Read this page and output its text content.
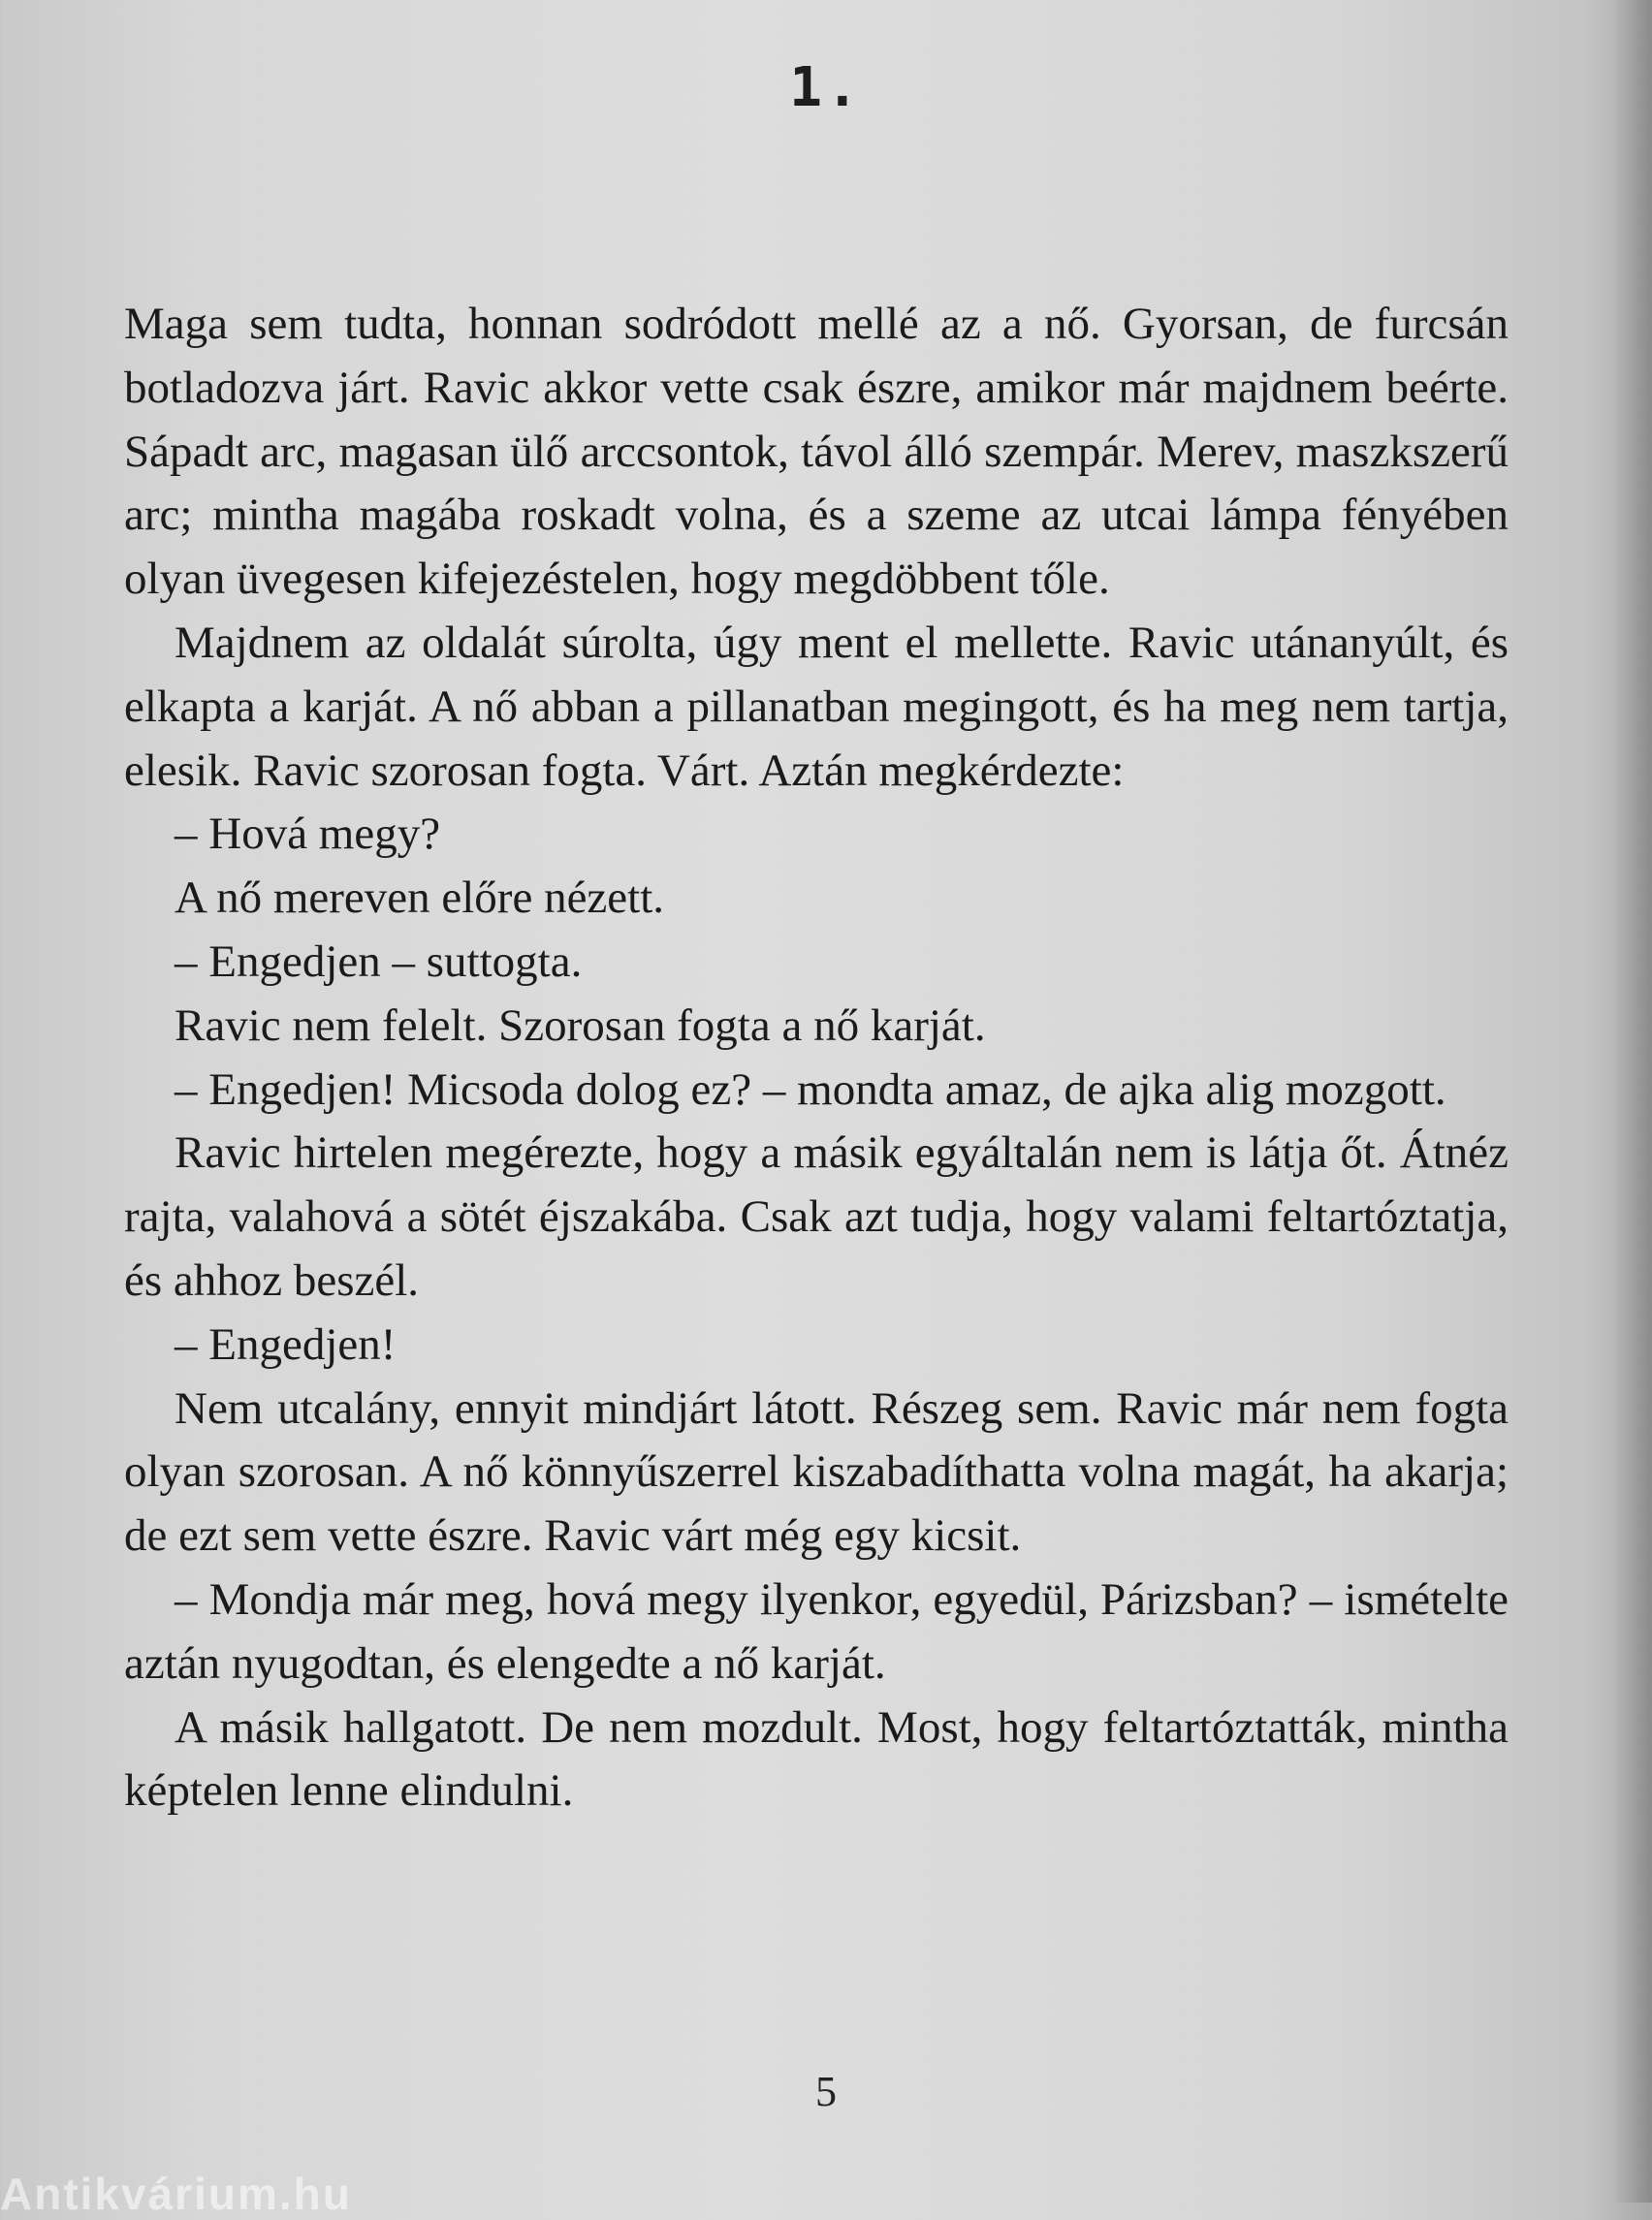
1.

Maga sem tudta, honnan sodródott mellé az a nő. Gyorsan, de furcsán botladozva járt. Ravic akkor vette csak észre, amikor már majdnem beérte. Sápadt arc, magasan ülő arccsontok, távol álló szempár. Merev, maszkszerű arc; mintha magába roskadt volna, és a szeme az utcai lámpa fényében olyan üvegesen kifejezéstelen, hogy megdöbbent tőle.

Majdnem az oldalát súrolta, úgy ment el mellette. Ravic utánanyúlt, és elkapta a karját. A nő abban a pillanatban megingott, és ha meg nem tartja, elesik. Ravic szorosan fogta. Várt. Aztán megkérdezte:

– Hová megy?

A nő mereven előre nézett.

– Engedjen – suttogta.

Ravic nem felelt. Szorosan fogta a nő karját.

– Engedjen! Micsoda dolog ez? – mondta amaz, de ajka alig mozgott.

Ravic hirtelen megérezte, hogy a másik egyáltalán nem is látja őt. Átnéz rajta, valahová a sötét éjszakába. Csak azt tudja, hogy valami feltartóztatja, és ahhoz beszél.

– Engedjen!

Nem utcalány, ennyit mindjárt látott. Részeg sem. Ravic már nem fogta olyan szorosan. A nő könnyűszerrel kiszabadíthatta volna magát, ha akarja; de ezt sem vette észre. Ravic várt még egy kicsit.

– Mondja már meg, hová megy ilyenkor, egyedül, Párizsban? – ismételte aztán nyugodtan, és elengedte a nő karját.

A másik hallgatott. De nem mozdult. Most, hogy feltartóztatták, mintha képtelen lenne elindulni.

5
Antikvárium.hu
